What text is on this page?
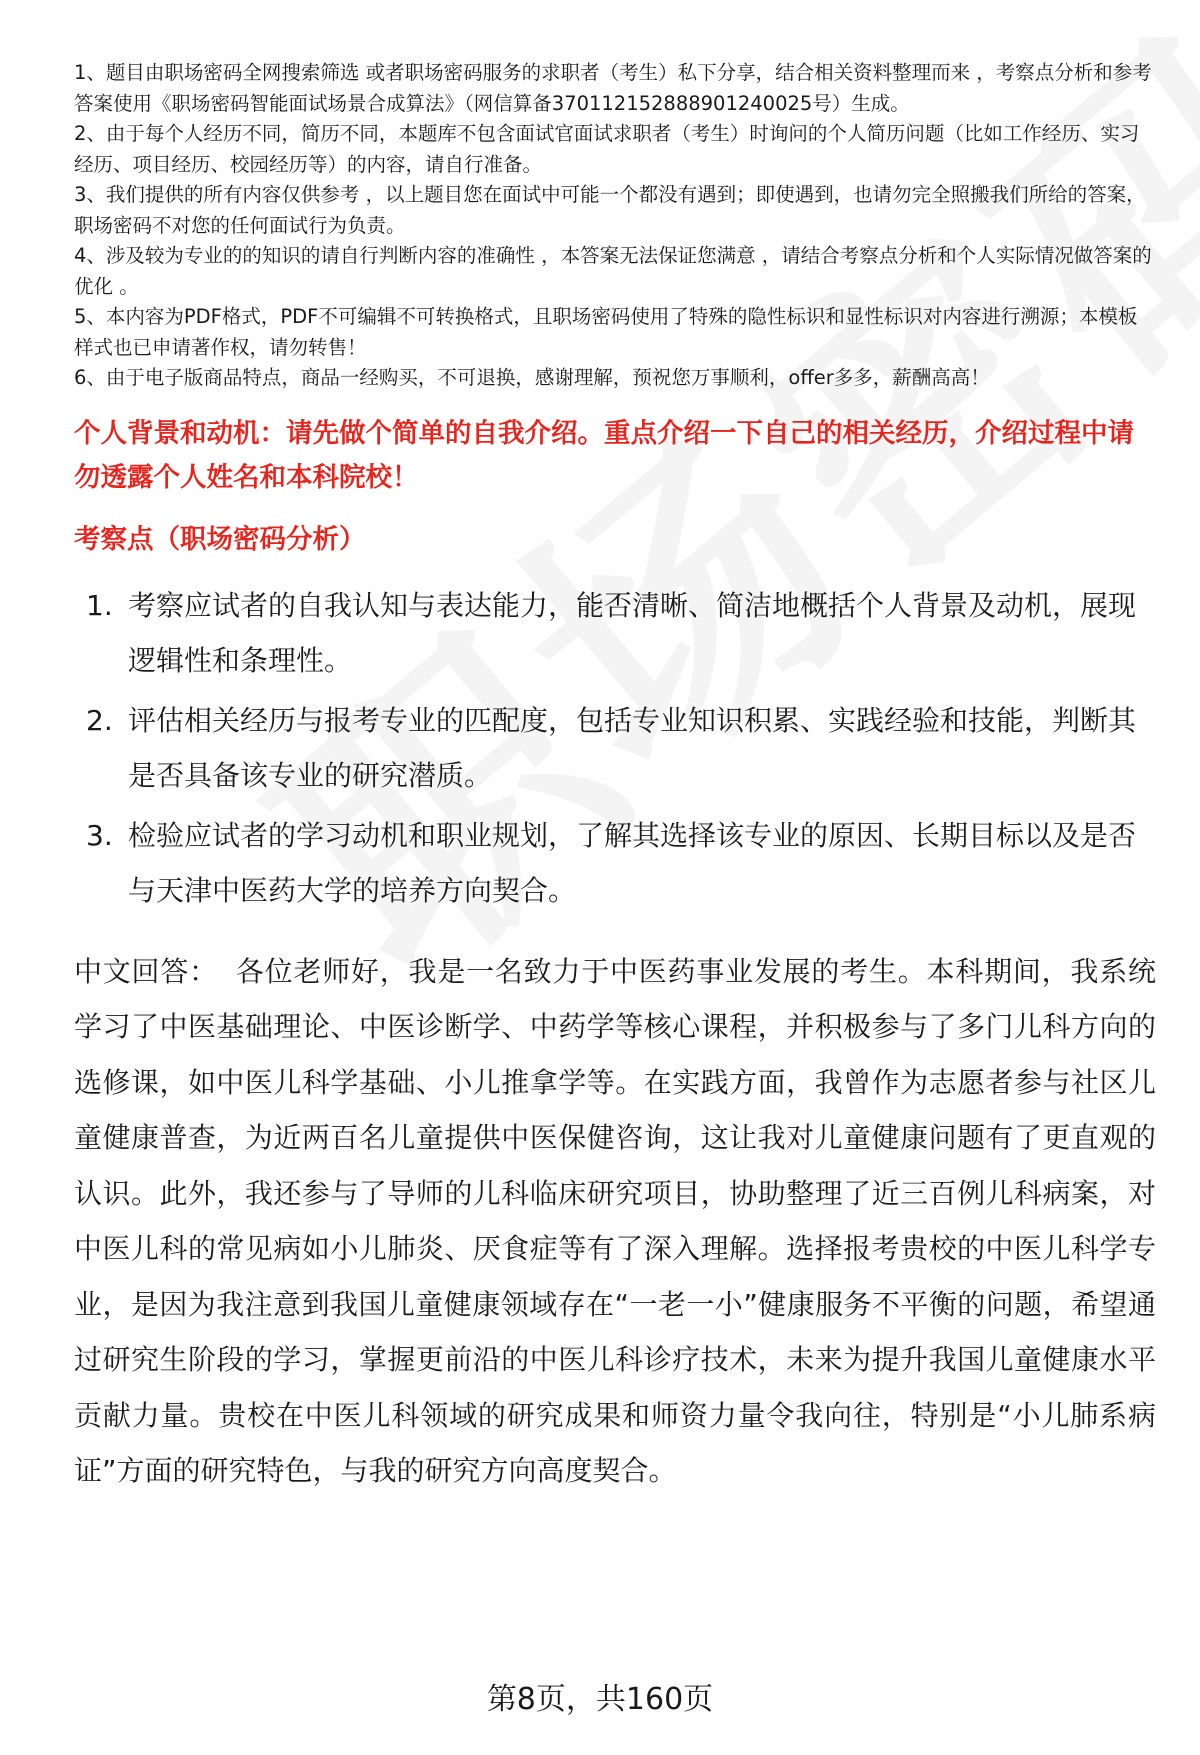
1、题目由职场密码全网搜索筛选 或者职场密码服务的求职者（考生）私下分享，结合相关资料整理而来 ，考察点分析和参考答案使用《职场密码智能面试场景合成算法》（网信算备370112152888901240025号）生成。
2、由于每个人经历不同，简历不同，本题库不包含面试官面试求职者（考生）时询问的个人简历问题（比如工作经历、实习经历、项目经历、校园经历等）的内容，请自行准备。
3、我们提供的所有内容仅供参考 ，以上题目您在面试中可能一个都没有遇到；即使遇到，也请勿完全照搬我们所给的答案，职场密码不对您的任何面试行为负责。
4、涉及较为专业的的知识的请自行判断内容的准确性 ，本答案无法保证您满意 ，请结合考察点分析和个人实际情况做答案的优化 。
5、本内容为PDF格式，PDF不可编辑不可转换格式，且职场密码使用了特殊的隐性标识和显性标识对内容进行溯源；本模板样式也已申请著作权，请勿转售！
6、由于电子版商品特点，商品一经购买，不可退换，感谢理解，预祝您万事顺利，offer多多，薪酬高高！
个人背景和动机：请先做个简单的自我介绍。重点介绍一下自己的相关经历，介绍过程中请勿透露个人姓名和本科院校！
考察点（职场密码分析）
1. 考察应试者的自我认知与表达能力，能否清晰、简洁地概括个人背景及动机，展现逻辑性和条理性。
2. 评估相关经历与报考专业的匹配度，包括专业知识积累、实践经验和技能，判断其是否具备该专业的研究潜质。
3. 检验应试者的学习动机和职业规划，了解其选择该专业的原因、长期目标以及是否与天津中医药大学的培养方向契合。
中文回答： 各位老师好，我是一名致力于中医药事业发展的考生。本科期间，我系统学习了中医基础理论、中医诊断学、中药学等核心课程，并积极参与了多门儿科方向的选修课，如中医儿科学基础、小儿推拿学等。在实践方面，我曾作为志愿者参与社区儿童健康普查，为近两百名儿童提供中医保健咨询，这让我对儿童健康问题有了更直观的认识。此外，我还参与了导师的儿科临床研究项目，协助整理了近三百例儿科病案，对中医儿科的常见病如小儿肺炎、厌食症等有了深入理解。选择报考贵校的中医儿科学专业，是因为我注意到我国儿童健康领域存在“一老一小”健康服务不平衡的问题，希望通过研究生阶段的学习，掌握更前沿的中医儿科诊疗技术，未来为提升我国儿童健康水平贡献力量。贵校在中医儿科领域的研究成果和师资力量令我向往，特别是“小儿肺系病证”方面的研究特色，与我的研究方向高度契合。
第8页，共160页
